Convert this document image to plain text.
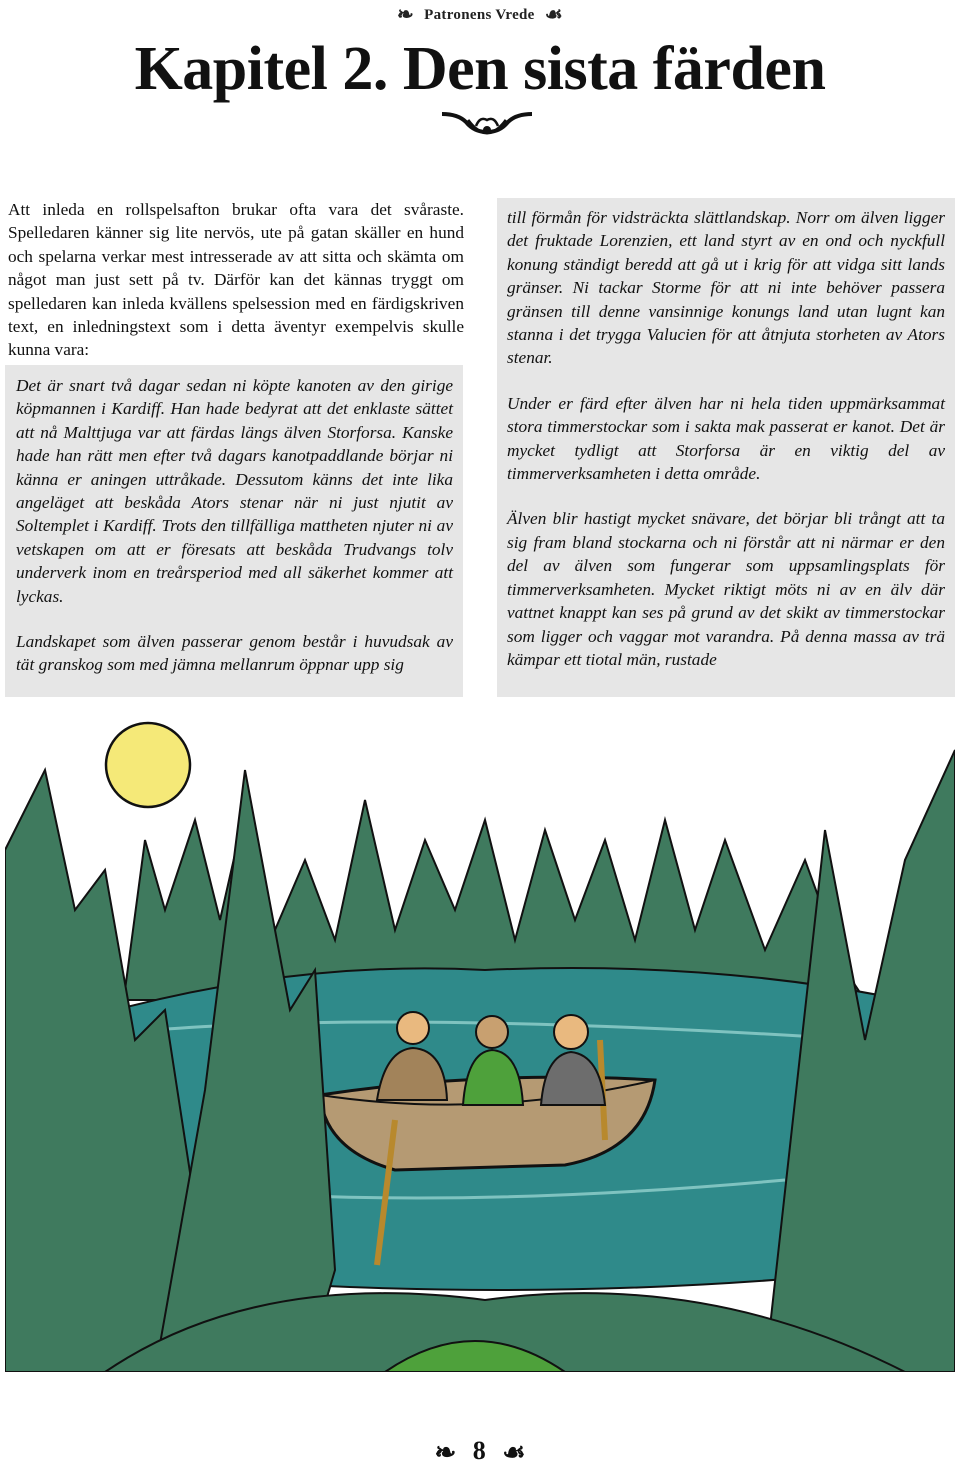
❧ Patronens Vrede ☙
Kapitel 2. Den sista färden
Att inleda en rollspelsafton brukar ofta vara det svåraste. Spelledaren känner sig lite nervös, ute på gatan skäller en hund och spelarna verkar mest intresserade av att sitta och skämta om något man just sett på tv. Därför kan det kännas tryggt om spelledaren kan inleda kvällens spelsession med en färdigskriven text, en inledningstext som i detta äventyr exempelvis skulle kunna vara:

Det är snart två dagar sedan ni köpte kanoten av den girige köpmannen i Kardiff. Han hade bedyrat att det enklaste sättet att nå Malttjuga var att färdas längs älven Storforsa. Kanske hade han rätt men efter två dagars kanotpaddlande börjar ni känna er aningen uttråkade. Dessutom känns det inte lika angeläget att beskåda Ators stenar när ni just njutit av Soltemplet i Kardiff. Trots den tillfälliga mattheten njuter ni av vetskapen om att er föresats att beskåda Trudvangs tolv underverk inom en treårsperiod med all säkerhet kommer att lyckas.

Landskapet som älven passerar genom består i huvudsak av tät granskog som med jämna mellanrum öppnar upp sig

till förmån för vidsträckta slättlandskap. Norr om älven ligger det fruktade Lorenzien, ett land styrt av en ond och nyckfull konung ständigt beredd att gå ut i krig för att vidga sitt lands gränser. Ni tackar Storme för att ni inte behöver passera gränsen till denne vansinnige konungs land utan lugnt kan stanna i det trygga Valucien för att åtnjuta storheten av Ators stenar.

Under er färd efter älven har ni hela tiden uppmärksammat stora timmerstockar som i sakta mak passerat er kanot. Det är mycket tydligt att Storforsa är en viktig del av timmerverksamheten i detta område.

Älven blir hastigt mycket snävare, det börjar bli trångt att ta sig fram bland stockarna och ni förstår att ni närmar er den del av älven som fungerar som uppsamlingsplats för timmerverksamheten. Mycket riktigt möts ni av en älv där vattnet knappt kan ses på grund av det skikt av timmerstockar som ligger och vaggar mot varandra. På denna massa av trä kämpar ett tiotal män, rustade

❧ 8 ☙
